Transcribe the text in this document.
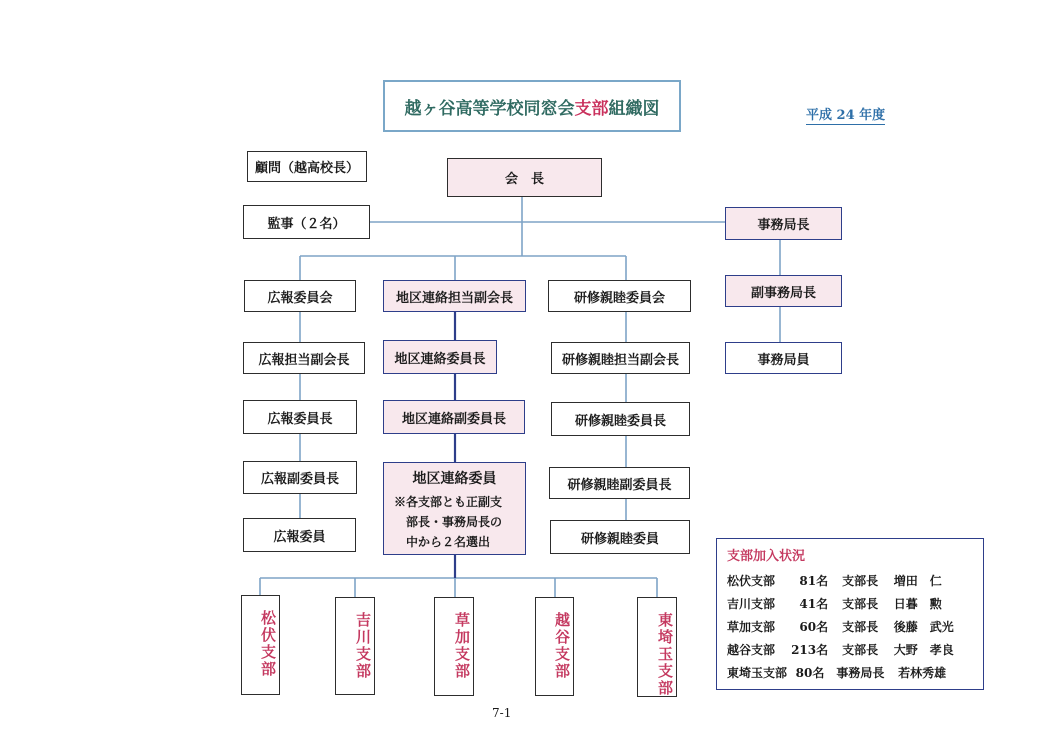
越ヶ谷高等学校同窓会 支部 組織図	平成 24 年度
顧問（越高校長）
会　長
監事（２名）	事務局長
副事務局長
事務局員
広報委員会
広報担当副会長
広報委員長
広報副委員長
広報委員
地区連絡担当副会長
地区連絡委員長
地区連絡副委員長
地区連絡委員
※各支部とも正副支
部長・事務局長の
中から２名選出
研修親睦委員会
研修親睦担当副会長
研修親睦委員長
研修親睦副委員長
研修親睦委員
松伏支部	吉川支部	草加支部	越谷支部	東埼玉支部
支部加入状況
松伏支部	81名	支部長	増田　仁
吉川支部	41名	支部長	日暮　勲
草加支部	60名	支部長	後藤　武光
越谷支部	213名	支部長	大野　孝良
東埼玉支部 80名	事務局長	若林秀雄
7-1
